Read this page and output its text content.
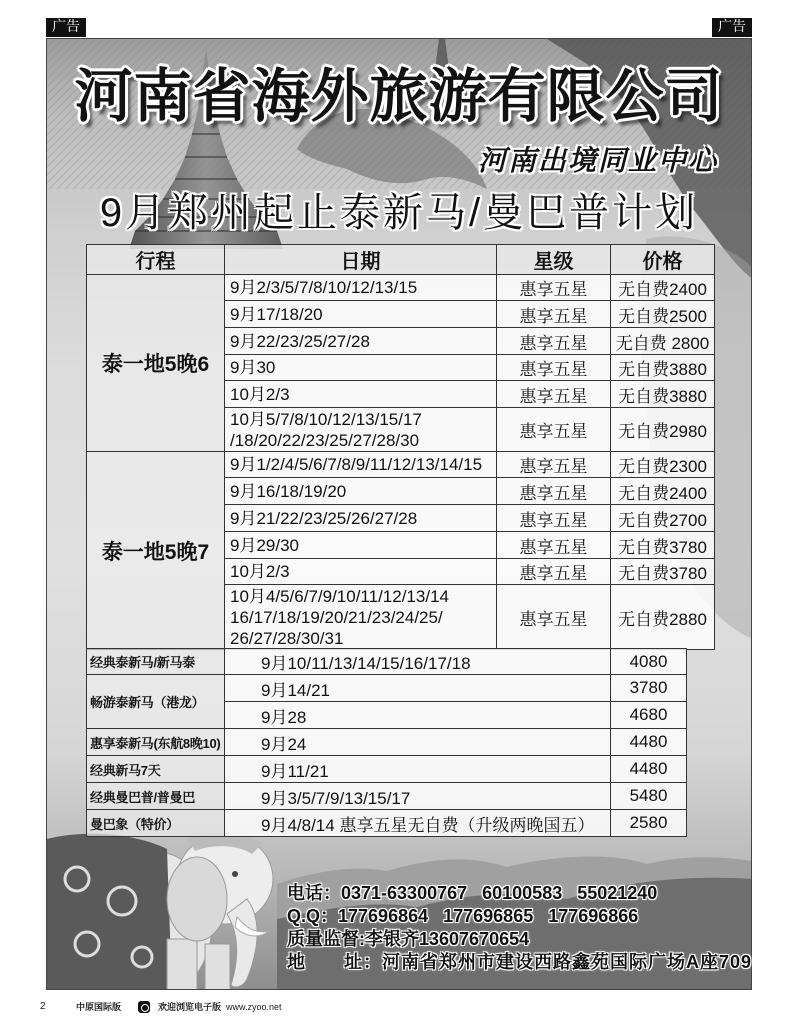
广告	广告
河南省海外旅游有限公司
河南出境同业中心
9月郑州起止泰新马/曼巴普计划
行程	日期	星级	价格
泰一地5晚6	9月2/3/5/7/8/10/12/13/15	惠享五星	无自费2400
	9月17/18/20	惠享五星	无自费2500
	9月22/23/25/27/28	惠享五星	无自费 2800
	9月30	惠享五星	无自费3880
	10月2/3	惠享五星	无自费3880
	10月5/7/8/10/12/13/15/17
/18/20/22/23/25/27/28/30	惠享五星	无自费2980
泰一地5晚7	9月1/2/4/5/6/7/8/9/11/12/13/14/15	惠享五星	无自费2300
	9月16/18/19/20	惠享五星	无自费2400
	9月21/22/23/25/26/27/28	惠享五星	无自费2700
	9月29/30	惠享五星	无自费3780
	10月2/3	惠享五星	无自费3780
	10月4/5/6/7/9/10/11/12/13/14
16/17/18/19/20/21/23/24/25/
26/27/28/30/31	惠享五星	无自费2880
经典泰新马/新马泰	9月10/11/13/14/15/16/17/18	4080
畅游泰新马（港龙）	9月14/21	3780
	9月28	4680
惠享泰新马(东航8晚10)	9月24	4480
经典新马7天	9月11/21	4480
经典曼巴普/普曼巴	9月3/5/7/9/13/15/17	5480
曼巴象（特价）	9月4/8/14 惠享五星无自费（升级两晚国五）	2580
电话：0371-63300767 60100583 55021240
Q.Q：177696864 177696865 177696866
质量监督:李银齐13607670654
地　　址：河南省郑州市建设西路鑫苑国际广场A座709
2	中原国际版	欢迎浏览电子版 www.zyoo.net
